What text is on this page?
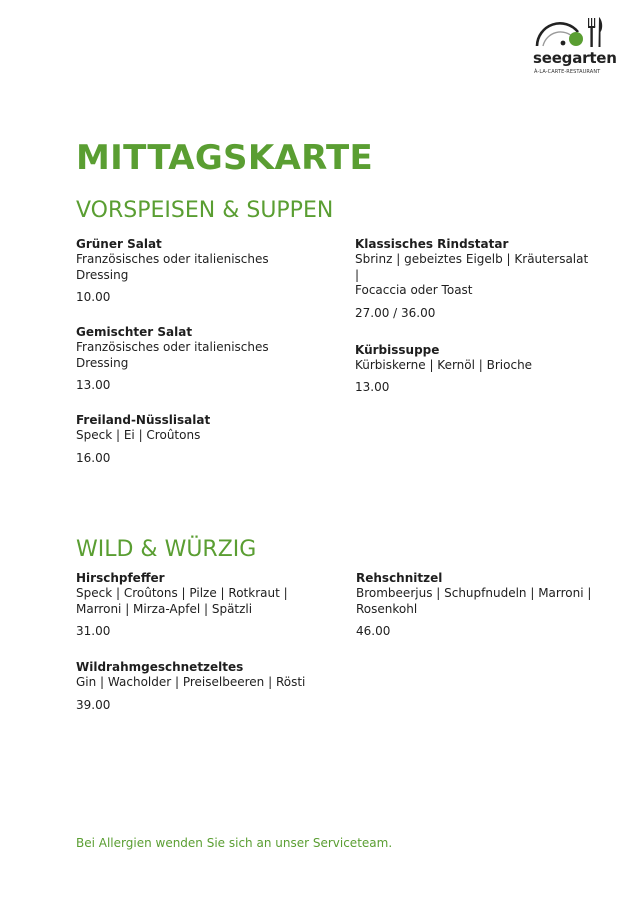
seegarten
À-LA-CARTE-RESTAURANT
MITTAGSKARTE
VORSPEISEN & SUPPEN
Grüner Salat
Französisches oder italienisches Dressing
10.00
Gemischter Salat
Französisches oder italienisches Dressing
13.00
Freiland-Nüsslisalat
Speck | Ei | Croûtons
16.00
Klassisches Rindstatar
Sbrinz | gebeiztes Eigelb | Kräutersalat |
Focaccia oder Toast
27.00 / 36.00
Kürbissuppe
Kürbiskerne | Kernöl | Brioche
13.00
WILD & WÜRZIG
Hirschpfeffer
Speck | Croûtons | Pilze | Rotkraut |
Marroni | Mirza-Apfel | Spätzli
31.00
Wildrahmgeschnetzeltes
Gin | Wacholder | Preiselbeeren | Rösti
39.00
Rehschnitzel
Brombeerjus | Schupfnudeln | Marroni |
Rosenkohl
46.00
Bei Allergien wenden Sie sich an unser Serviceteam.
